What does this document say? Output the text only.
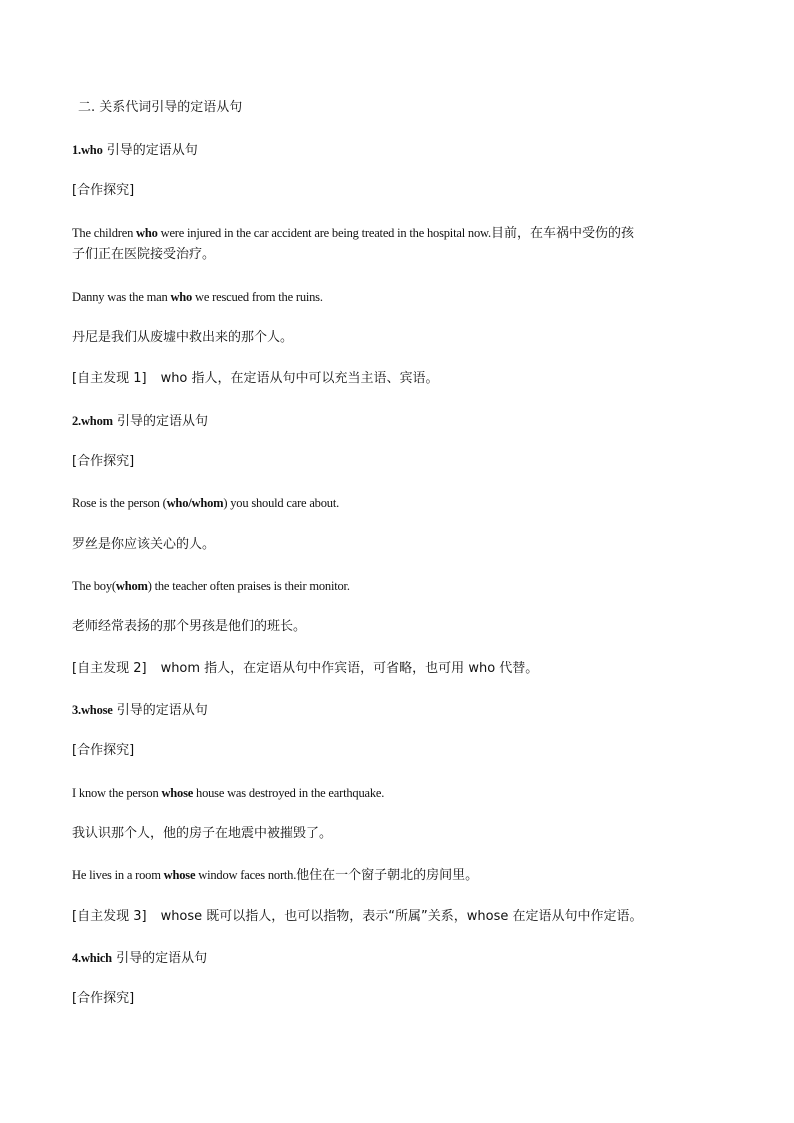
二. 关系代词引导的定语从句
1.who 引导的定语从句
[合作探究]
The children who were injured in the car accident are being treated in the hospital now.目前，在车祸中受伤的孩
子们正在医院接受治疗。
Danny was the man who we rescued from the ruins.
丹尼是我们从废墟中救出来的那个人。
[自主发现 1] who 指人，在定语从句中可以充当主语、宾语。
2.whom 引导的定语从句
[合作探究]
Rose is the person (who/whom) you should care about.
罗丝是你应该关心的人。
The boy(whom) the teacher often praises is their monitor.
老师经常表扬的那个男孩是他们的班长。
[自主发现 2] whom 指人，在定语从句中作宾语，可省略，也可用 who 代替。
3.whose 引导的定语从句
[合作探究]
I know the person whose house was destroyed in the earthquake.
我认识那个人，他的房子在地震中被摧毁了。
He lives in a room whose window faces north.他住在一个窗子朝北的房间里。
[自主发现 3] whose 既可以指人，也可以指物，表示“所属”关系，whose 在定语从句中作定语。
4.which 引导的定语从句
[合作探究]
